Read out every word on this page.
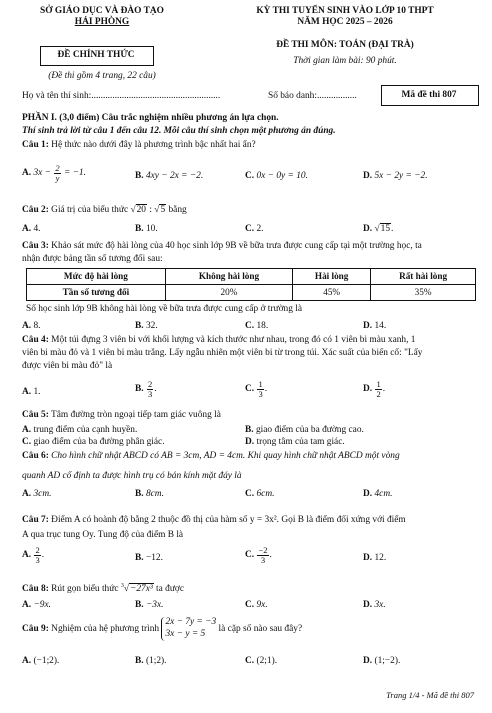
SỞ GIÁO DỤC VÀ ĐÀO TẠO
HẢI PHÒNG
ĐỀ CHÍNH THỨC
(Đề thi gồm 4 trang, 22 câu)
KỲ THI TUYỂN SINH VÀO LỚP 10 THPT
NĂM HỌC 2025 – 2026
ĐỀ THI MÔN: TOÁN (ĐẠI TRÀ)
Thời gian làm bài: 90 phút.
Họ và tên thí sinh:.......................................................	Số báo danh:.................	Mã đề thi 807
PHẦN I. (3,0 điểm) Câu trắc nghiệm nhiều phương án lựa chọn.
Thí sinh trả lời từ câu 1 đến câu 12. Mỗi câu thí sinh chọn một phương án đúng.
Câu 1: Hệ thức nào dưới đây là phương trình bậc nhất hai ẩn?
A. $3x - \frac{2}{y} = -1$.	B. 4xy − 2x = −2.	C. 0x − 0y = 10.	D. 5x − 2y = −2.
Câu 2: Giá trị của biểu thức √20 : √5 bằng
A. 4.	B. 10.	C. 2.	D. √15.
Câu 3: Khảo sát mức độ hài lòng của 40 học sinh lớp 9B về bữa trưa được cung cấp tại một trường học, ta
nhận được bảng tần số tương đối sau:
Mức độ hài lòng	Không hài lòng	Hài lòng	Rất hài lòng
Tần số tương đối	20%	45%	35%
Số học sinh lớp 9B không hài lòng về bữa trưa được cung cấp ở trường là
A. 8.	B. 32.	C. 18.	D. 14.
Câu 4: Một túi đựng 3 viên bi với khối lượng và kích thước như nhau, trong đó có 1 viên bi màu xanh, 1
viên bi màu đỏ và 1 viên bi màu trắng. Lấy ngẫu nhiên một viên bi từ trong túi. Xác suất của biến cố: "Lấy
được viên bi màu đỏ" là
A. 1.	B. $\frac{2}{3}$ .	C. $\frac{1}{3}$ .	D. $\frac{1}{2}$ .
Câu 5: Tâm đường tròn ngoại tiếp tam giác vuông là
A. trung điểm của cạnh huyền.	B. giao điểm của ba đường cao.
C. giao điểm của ba đường phân giác.	D. trọng tâm của tam giác.
Câu 6: Cho hình chữ nhật ABCD có AB = 3cm, AD = 4cm. Khi quay hình chữ nhật ABCD một vòng
quanh AD cố định ta được hình trụ có bán kính mặt đáy là
A. 3cm.	B. 8cm.	C. 6cm.	D. 4cm.
Câu 7: Điểm A có hoành độ bằng 2 thuộc đồ thị của hàm số y = 3x². Gọi B là điểm đối xứng với điểm
A qua trục tung Oy. Tung độ của điểm B là
A. $\frac{2}{3}$ .	B. −12.	C. $\frac{-2}{3}$ .	D. 12.
Câu 8: Rút gọn biểu thức $^3$√−27x³ ta được
A. −9x.	B. −3x.	C. 9x.	D. 3x.
Câu 9: Nghiệm của hệ phương trình
2x − 7y = −3
3x − y = 5	là cặp số nào sau đây?
A. (−1;2).	B. (1;2).	C. (2;1).	D. (1;−2).
Trang 1/4 - Mã đề thi 807
